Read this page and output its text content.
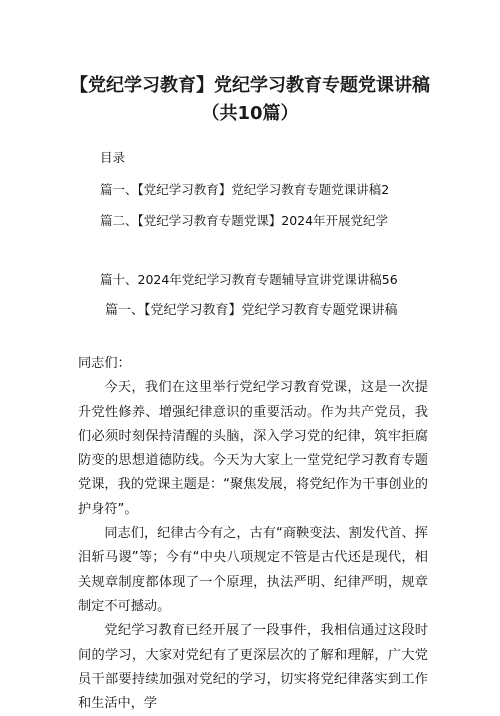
【党纪学习教育】党纪学习教育专题党课讲稿（共10篇）
目录
篇一、【党纪学习教育】党纪学习教育专题党课讲稿2
篇二、【党纪学习教育专题党课】2024年开展党纪学
篇十、2024年党纪学习教育专题辅导宣讲党课讲稿56
篇一、【党纪学习教育】党纪学习教育专题党课讲稿

同志们：

今天，我们在这里举行党纪学习教育党课，这是一次提升党性修养、增强纪律意识的重要活动。作为共产党员，我们必须时刻保持清醒的头脑，深入学习党的纪律，筑牢拒腐防变的思想道德防线。今天为大家上一堂党纪学习教育专题党课，我的党课主题是：“聚焦发展，将党纪作为干事创业的护身符”。

同志们，纪律古今有之，古有“商鞅变法、割发代首、挥泪斩马谡”等；今有“中央八项规定不管是古代还是现代，相关规章制度都体现了一个原理，执法严明、纪律严明，规章制定不可撼动。

党纪学习教育已经开展了一段事件，我相信通过这段时间的学习，大家对党纪有了更深层次的了解和理解，广大党员干部要持续加强对党纪的学习，切实将党纪律落实到工作和生活中，学
